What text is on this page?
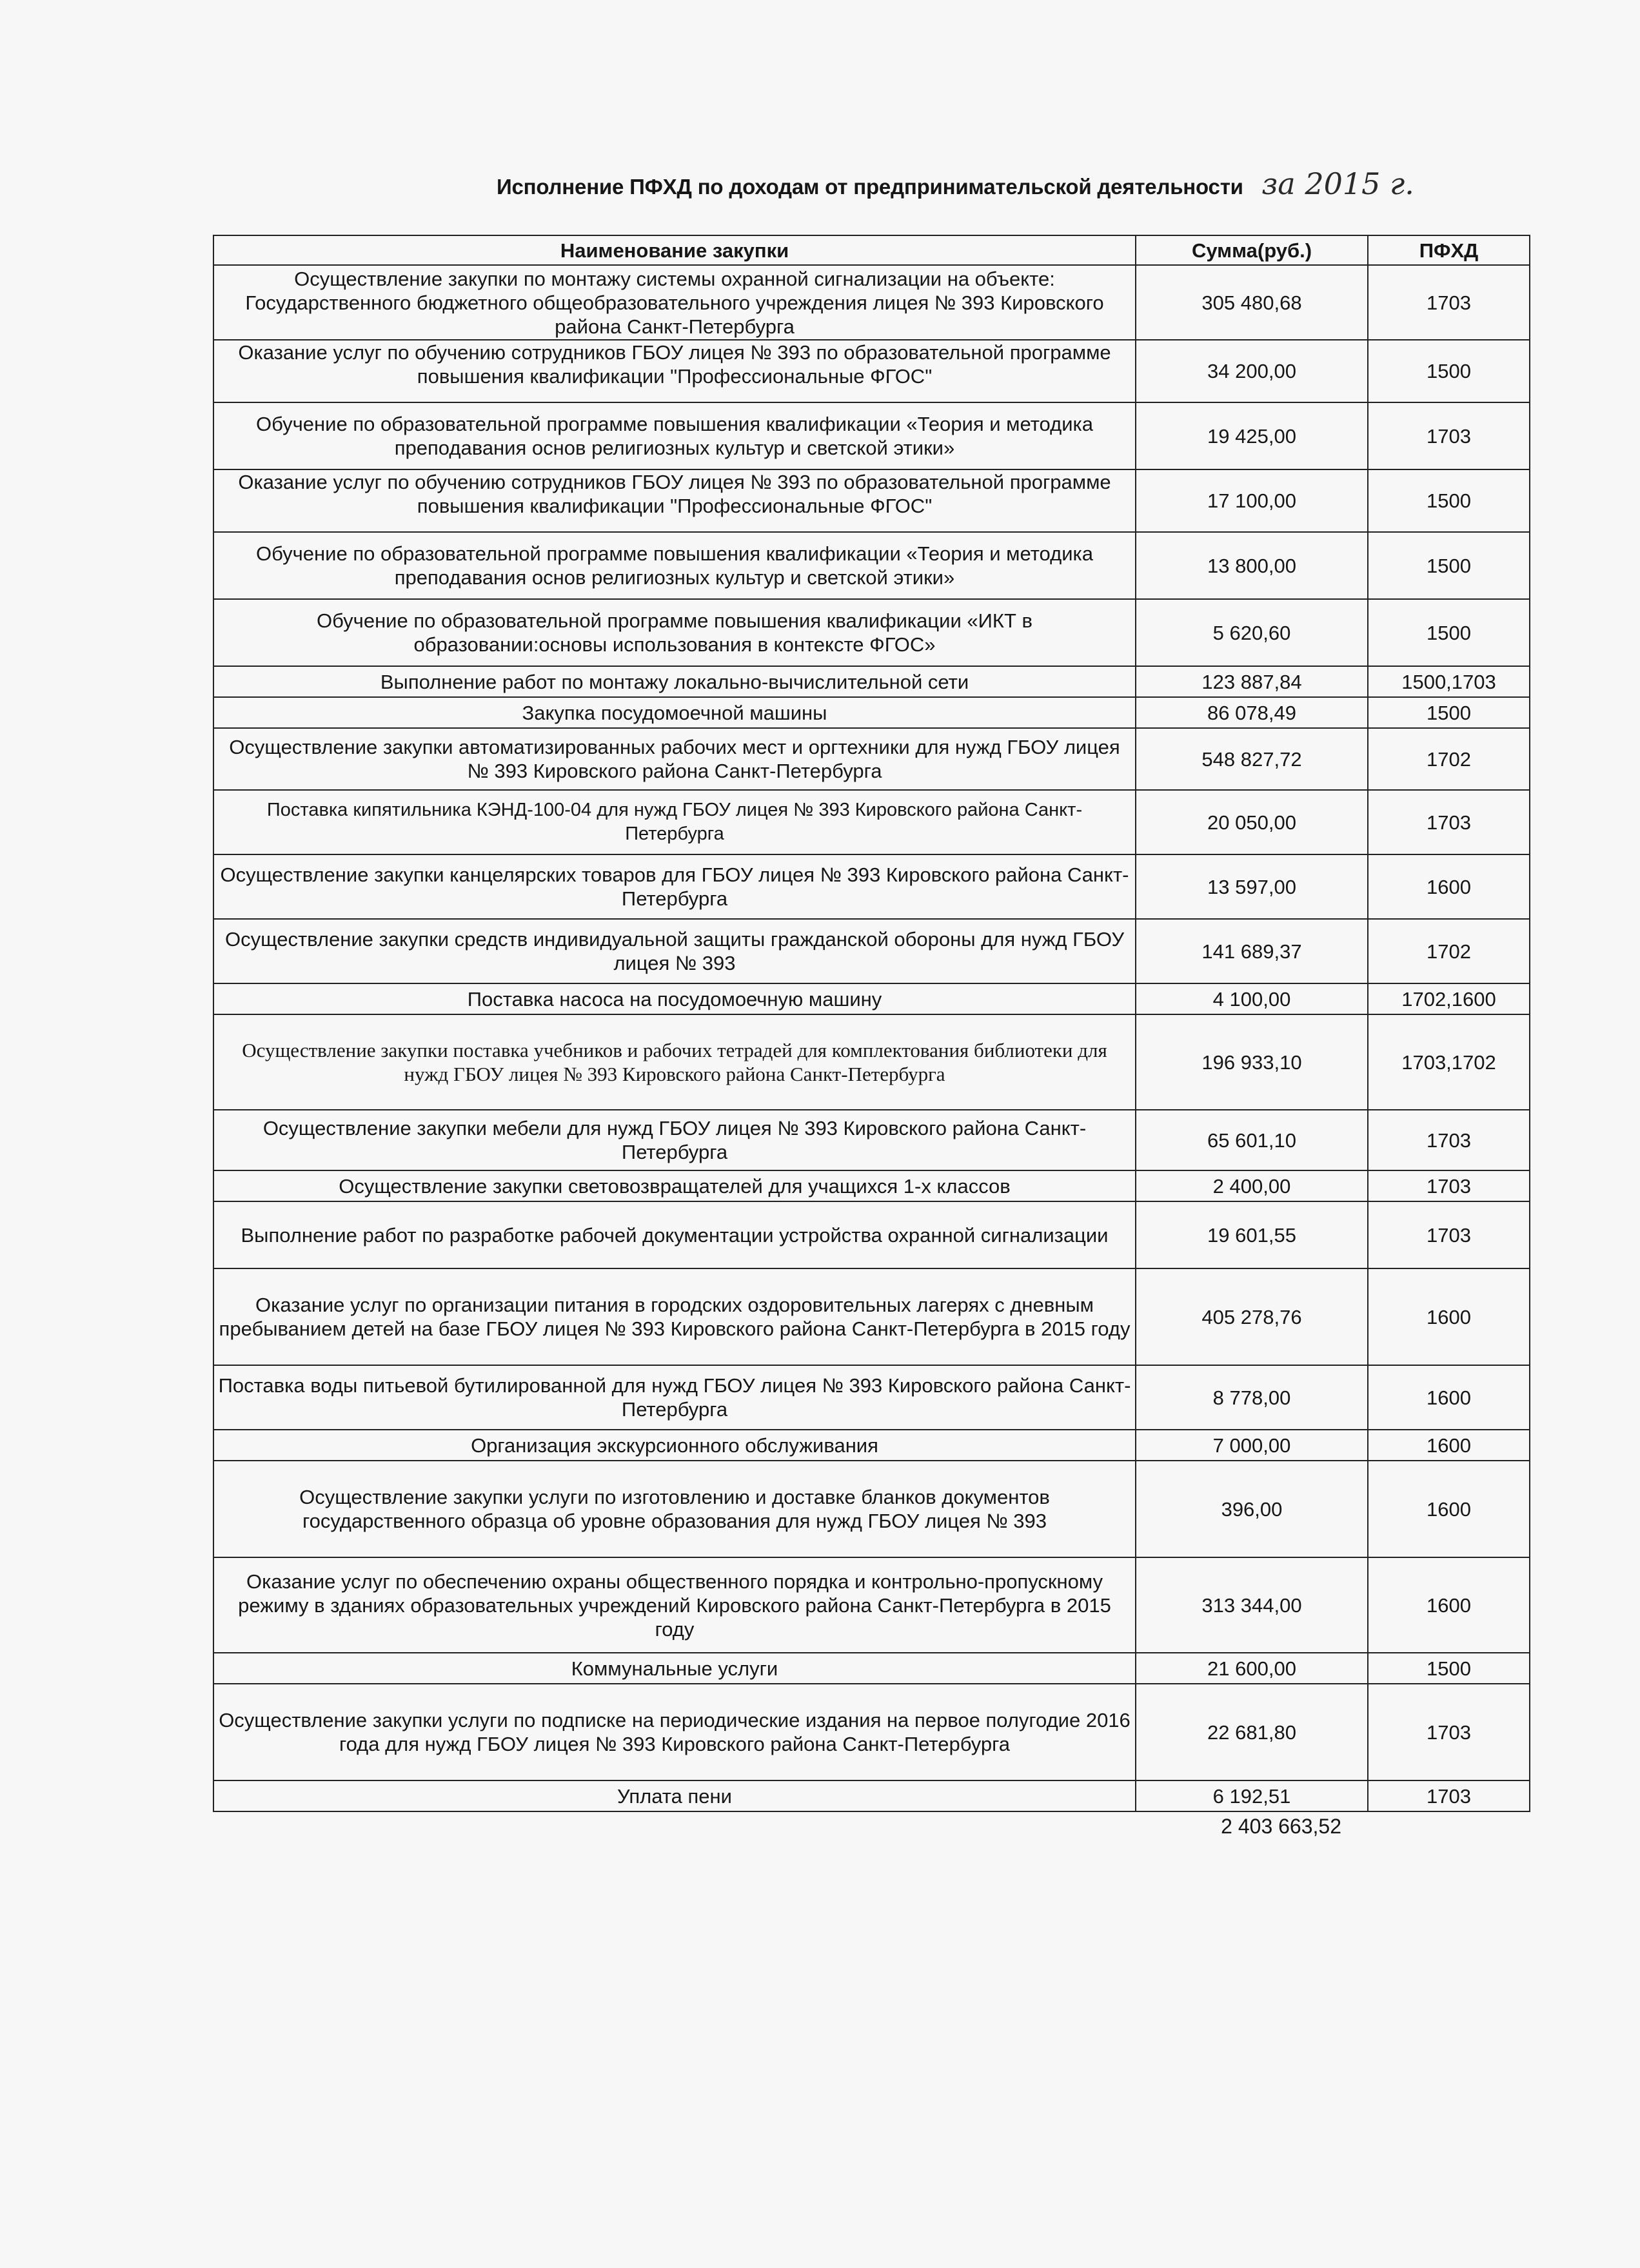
Исполнение ПФХД по доходам от предпринимательской деятельности за 2015 г.
Наименование закупки	Сумма(руб.)	ПФХД
Осуществление закупки по монтажу системы охранной сигнализации на объекте: Государственного бюджетного общеобразовательного учреждения лицея № 393 Кировского района Санкт-Петербурга	305 480,68	1703
Оказание услуг по обучению сотрудников ГБОУ лицея № 393 по образовательной программе повышения квалификации "Профессиональные ФГОС"	34 200,00	1500
Обучение по образовательной программе повышения квалификации «Теория и методика преподавания основ религиозных культур и светской этики»	19 425,00	1703
Оказание услуг по обучению сотрудников ГБОУ лицея № 393 по образовательной программе повышения квалификации "Профессиональные ФГОС"	17 100,00	1500
Обучение по образовательной программе повышения квалификации «Теория и методика преподавания основ религиозных культур и светской этики»	13 800,00	1500
Обучение по образовательной программе повышения квалификации «ИКТ в образовании:основы использования в контексте ФГОС»	5 620,60	1500
Выполнение работ по монтажу локально-вычислительной сети	123 887,84	1500,1703
Закупка посудомоечной машины	86 078,49	1500
Осуществление закупки автоматизированных рабочих мест и оргтехники для нужд ГБОУ лицея № 393 Кировского района Санкт-Петербурга	548 827,72	1702
Поставка кипятильника КЭНД-100-04 для нужд ГБОУ лицея № 393 Кировского района Санкт-Петербурга	20 050,00	1703
Осуществление закупки канцелярских товаров для ГБОУ лицея № 393 Кировского района Санкт-Петербурга	13 597,00	1600
Осуществление закупки средств индивидуальной защиты гражданской обороны для нужд ГБОУ лицея № 393	141 689,37	1702
Поставка насоса на посудомоечную машину	4 100,00	1702,1600
Осуществление закупки поставка учебников и рабочих тетрадей для комплектования библиотеки для нужд ГБОУ лицея № 393 Кировского района Санкт-Петербурга	196 933,10	1703,1702
Осуществление закупки мебели для нужд ГБОУ лицея № 393 Кировского района Санкт-Петербурга	65 601,10	1703
Осуществление закупки световозвращателей для учащихся 1-х классов	2 400,00	1703
Выполнение работ по разработке рабочей документации устройства охранной сигнализации	19 601,55	1703
Оказание услуг по организации питания в городских оздоровительных лагерях с дневным пребыванием детей на базе ГБОУ лицея № 393 Кировского района Санкт-Петербурга в 2015 году	405 278,76	1600
Поставка воды питьевой бутилированной для нужд ГБОУ лицея № 393 Кировского района Санкт-Петербурга	8 778,00	1600
Организация экскурсионного обслуживания	7 000,00	1600
Осуществление закупки услуги по изготовлению и доставке бланков документов государственного образца об уровне образования для нужд ГБОУ лицея № 393	396,00	1600
Оказание услуг по обеспечению охраны общественного порядка и контрольно-пропускному режиму в зданиях образовательных учреждений Кировского района Санкт-Петербурга в 2015 году	313 344,00	1600
Коммунальные услуги	21 600,00	1500
Осуществление закупки услуги по подписке на периодические издания на первое полугодие 2016 года для нужд ГБОУ лицея № 393 Кировского района Санкт-Петербурга	22 681,80	1703
Уплата пени	6 192,51	1703
2 403 663,52
